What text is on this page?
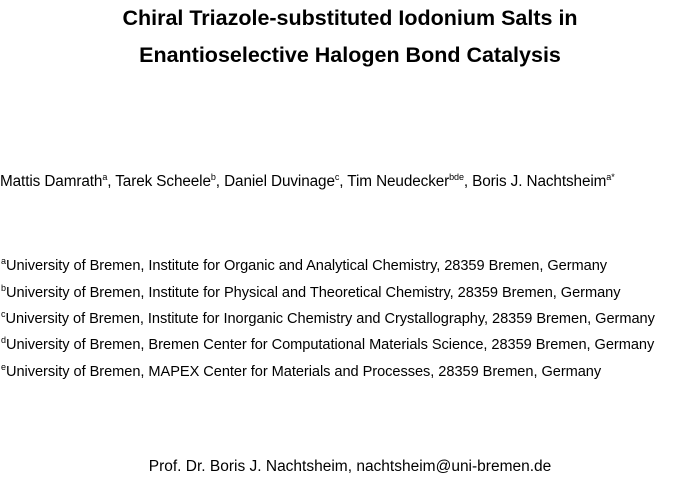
Chiral Triazole-substituted Iodonium Salts in
Enantioselective Halogen Bond Catalysis
Mattis Damrath$^a$, Tarek Scheele$^b$, Daniel Duvinage$^c$, Tim Neudecker$^{bde}$, Boris J. Nachtsheim$^{a*}$
$^a$University of Bremen, Institute for Organic and Analytical Chemistry, 28359 Bremen, Germany
$^b$University of Bremen, Institute for Physical and Theoretical Chemistry, 28359 Bremen, Germany
$^c$University of Bremen, Institute for Inorganic Chemistry and Crystallography, 28359 Bremen, Germany
$^d$University of Bremen, Bremen Center for Computational Materials Science, 28359 Bremen, Germany
$^e$University of Bremen, MAPEX Center for Materials and Processes, 28359 Bremen, Germany
Prof. Dr. Boris J. Nachtsheim, nachtsheim@uni-bremen.de
